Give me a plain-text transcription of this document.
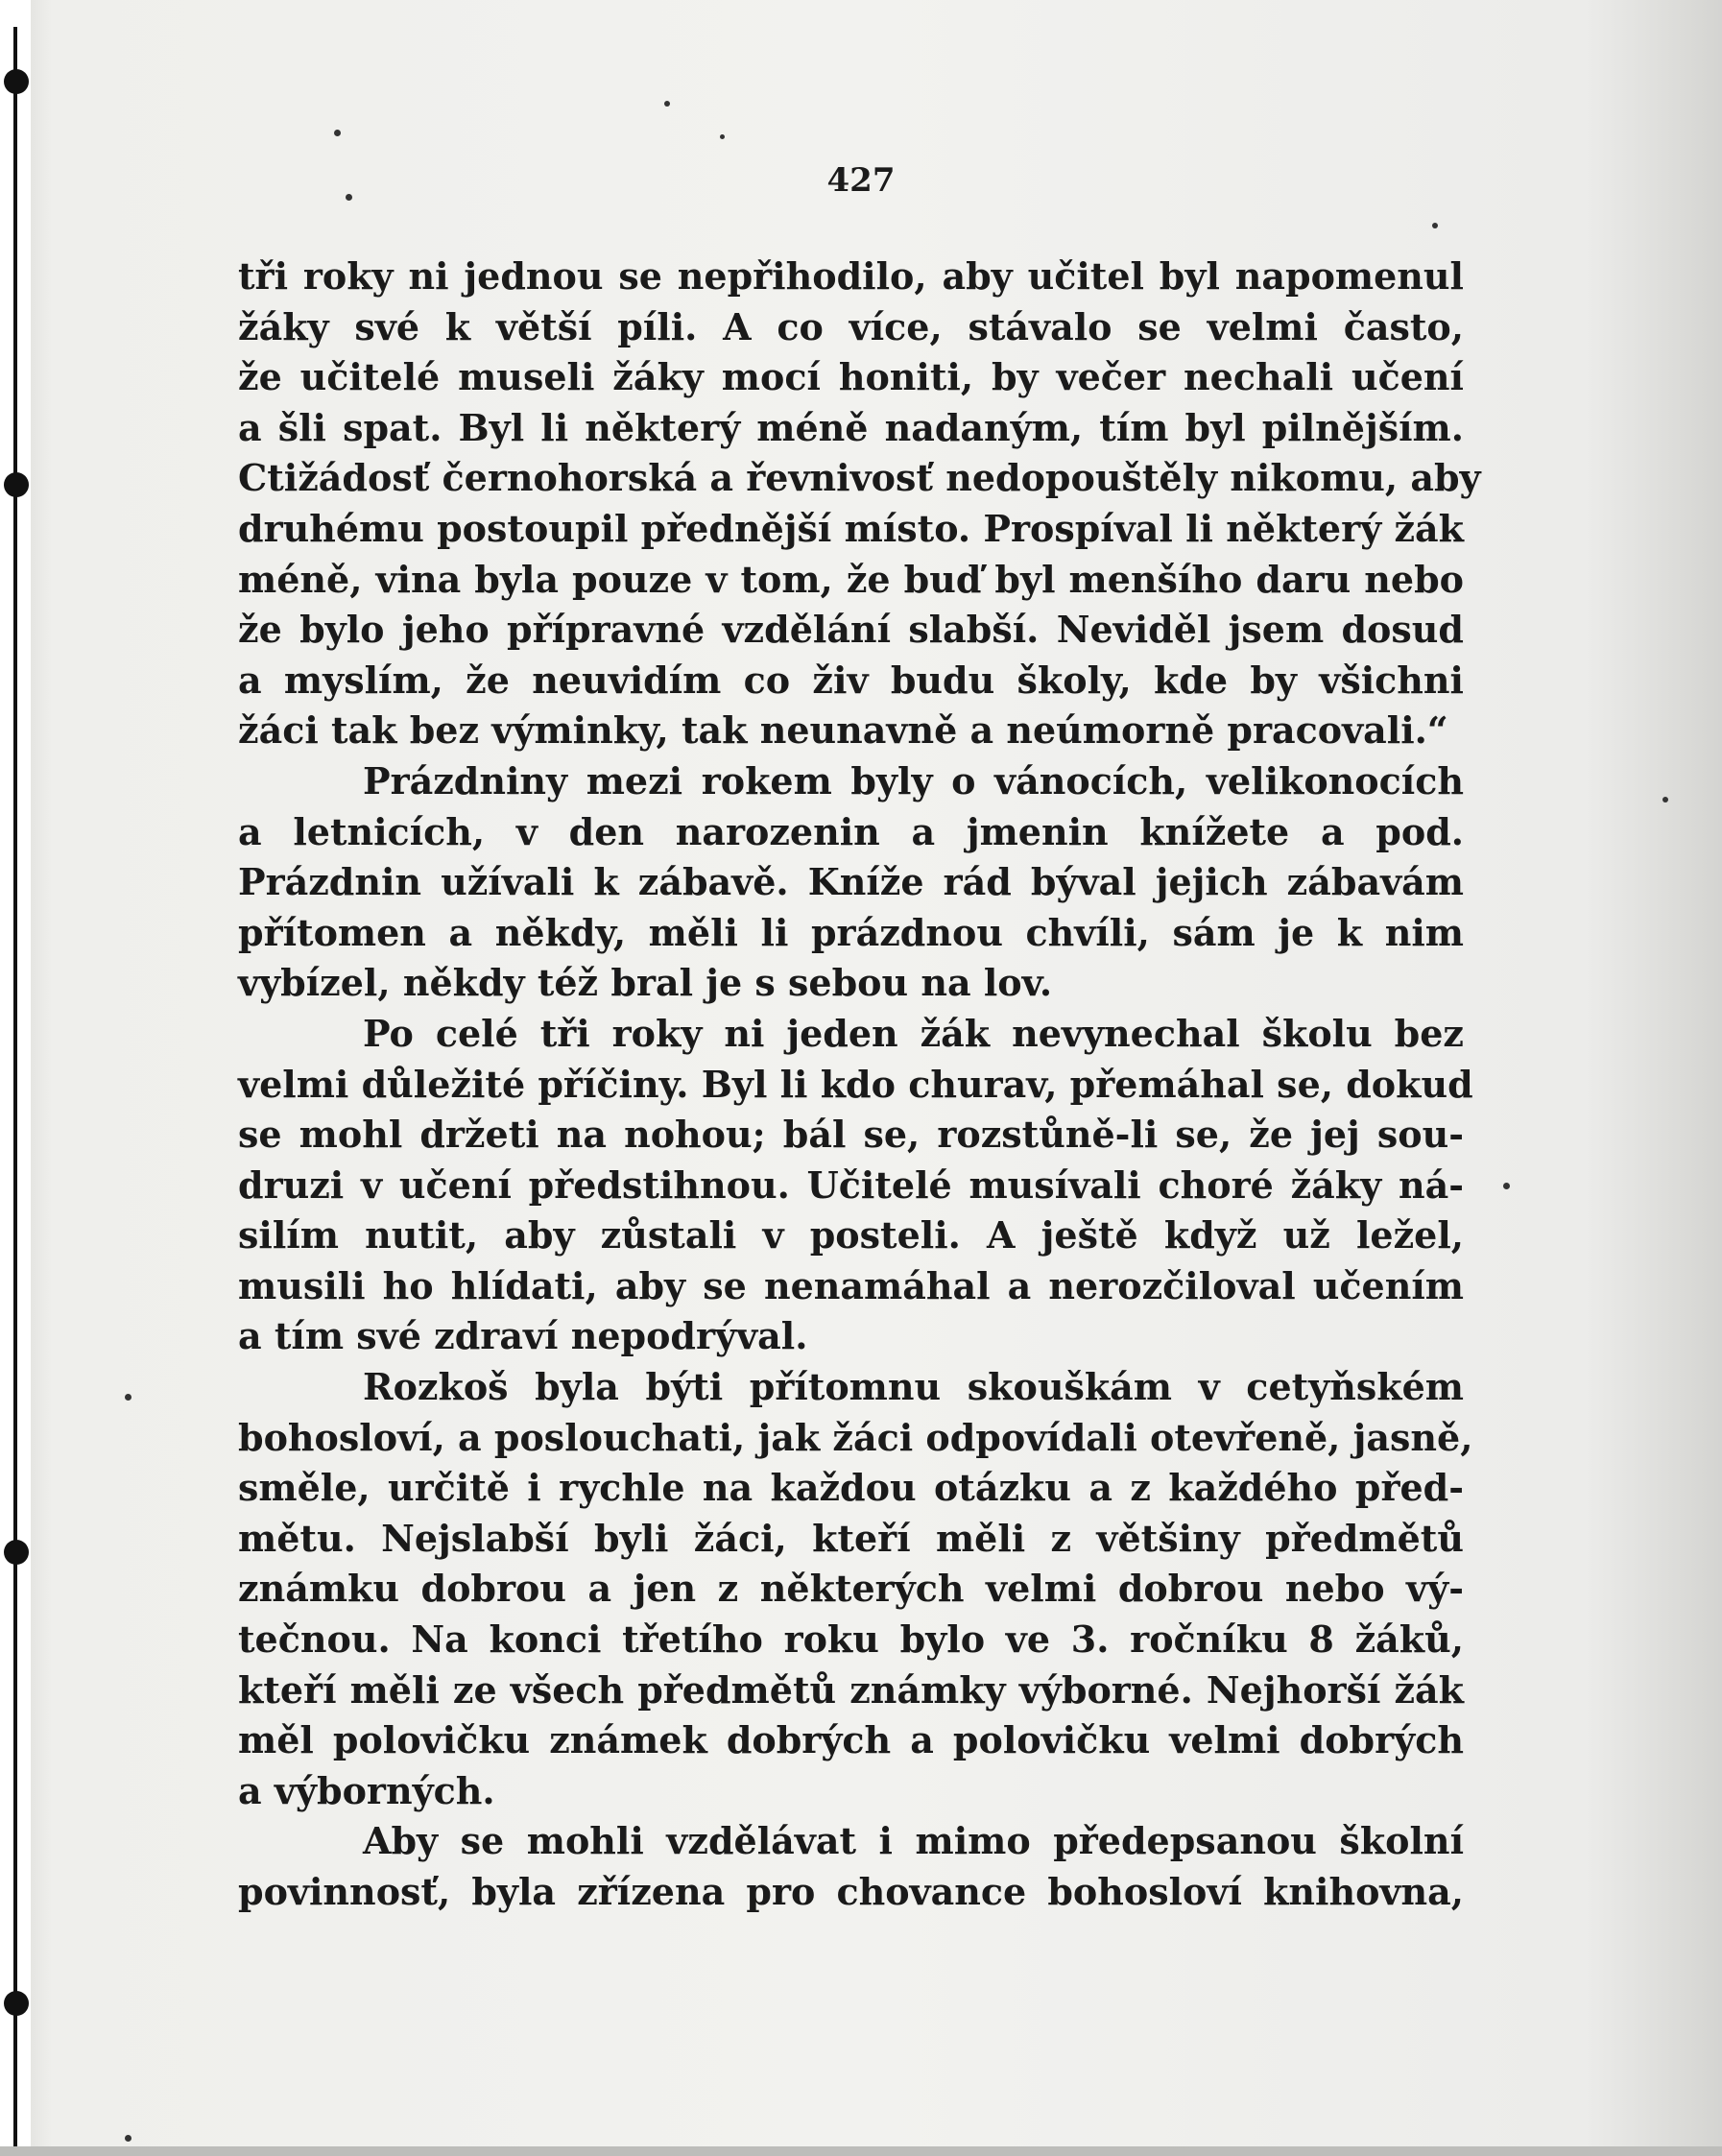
427
tři roky ni jednou se nepřihodilo, aby učitel byl napomenul
žáky své k větší píli. A co více, stávalo se velmi často,
že učitelé museli žáky mocí honiti, by večer nechali učení
a šli spat. Byl li některý méně nadaným, tím byl pilnějším.
Ctižádosť černohorská a řevnivosť nedopouštěly nikomu, aby
druhému postoupil přednější místo. Prospíval li některý žák
méně, vina byla pouze v tom, že buď byl menšího daru nebo
že bylo jeho přípravné vzdělání slabší. Neviděl jsem dosud
a myslím, že neuvidím co živ budu školy, kde by všichni
žáci tak bez výminky, tak neunavně a neúmorně pracovali.“
Prázdniny mezi rokem byly o vánocích, velikonocích
a letnicích, v den narozenin a jmenin knížete a pod.
Prázdnin užívali k zábavě. Kníže rád býval jejich zábavám
přítomen a někdy, měli li prázdnou chvíli, sám je k nim
vybízel, někdy též bral je s sebou na lov.
Po celé tři roky ni jeden žák nevynechal školu bez
velmi důležité příčiny. Byl li kdo churav, přemáhal se, dokud
se mohl držeti na nohou; bál se, rozstůně-li se, že jej sou-
druzi v učení předstihnou. Učitelé musívali choré žáky ná-
silím nutit, aby zůstali v posteli. A ještě když už ležel,
musili ho hlídati, aby se nenamáhal a nerozčiloval učením
a tím své zdraví nepodrýval.
Rozkoš byla býti přítomnu skouškám v cetyňském
bohosloví, a poslouchati, jak žáci odpovídali otevřeně, jasně,
směle, určitě i rychle na každou otázku a z každého před-
mětu. Nejslabší byli žáci, kteří měli z většiny předmětů
známku dobrou a jen z některých velmi dobrou nebo vý-
tečnou. Na konci třetího roku bylo ve 3. ročníku 8 žáků,
kteří měli ze všech předmětů známky výborné. Nejhorší žák
měl polovičku známek dobrých a polovičku velmi dobrých
a výborných.
Aby se mohli vzdělávat i mimo předepsanou školní
povinnosť, byla zřízena pro chovance bohosloví knihovna,
